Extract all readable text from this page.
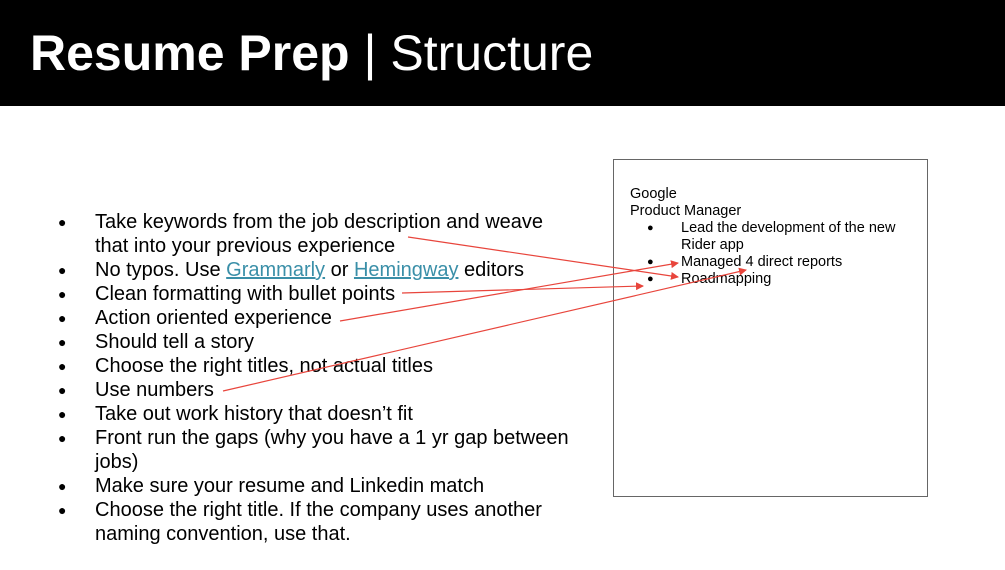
Resume Prep | Structure
● Take keywords from the job description and weave that into your previous experience
● No typos. Use Grammarly or Hemingway editors
● Clean formatting with bullet points
● Action oriented experience
● Should tell a story
● Choose the right titles, not actual titles
● Use numbers
● Take out work history that doesn’t fit
● Front run the gaps (why you have a 1 yr gap between jobs)
● Make sure your resume and Linkedin match
● Choose the right title. If the company uses another naming convention, use that.
Google
Product Manager
● Lead the development of the new Rider app
● Managed 4 direct reports
● Roadmapping
